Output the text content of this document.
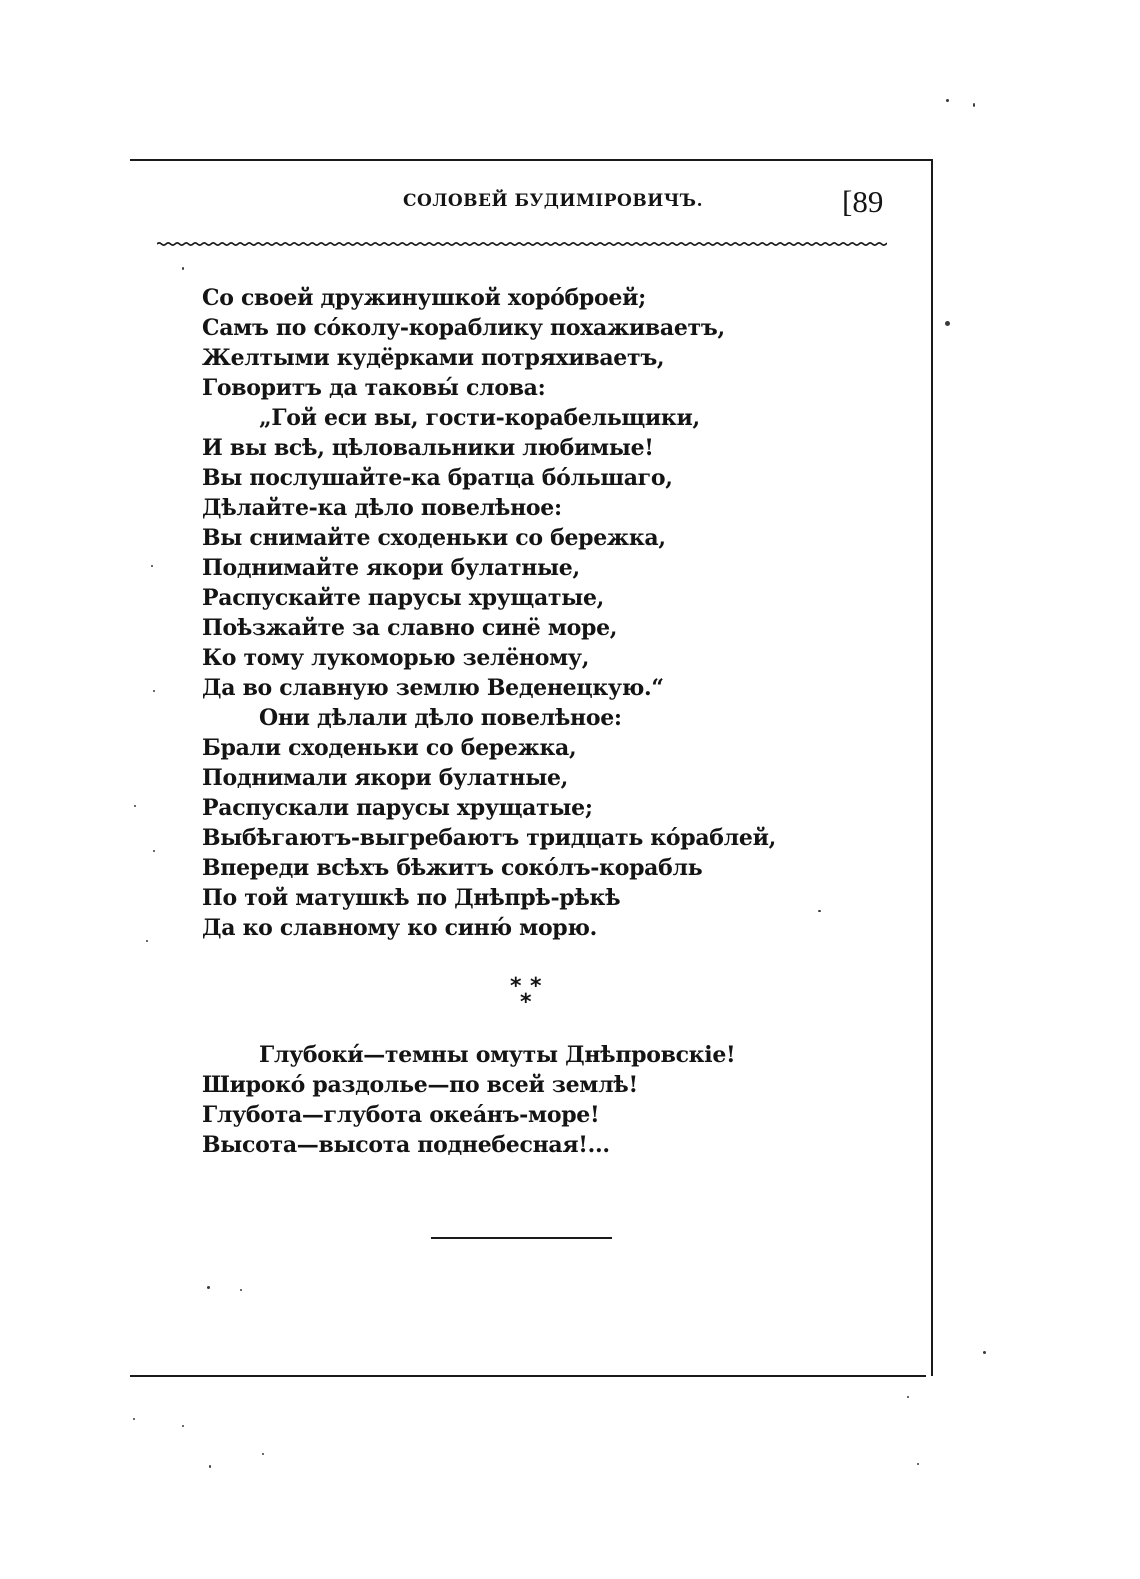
СОЛОВЕЙ БУДИМІРОВИЧЪ.	[89
Со своей дружинушкой хорóброей;
Самъ по сóколу-кораблику похаживаетъ,
Желтыми кудёрками потряхиваетъ,
Говоритъ да таковы́ слова:
„Гой еси вы, гости-корабельщики,
И вы всѣ, цѣловальники любимые!
Вы послушайте-ка братца бóльшаго,
Дѣлайте-ка дѣло повелѣное:
Вы снимайте сходеньки со бережка,
Поднимайте якори булатные,
Распускайте парусы хрущатые,
Поѣзжайте за славно синё море,
Ко тому лукоморью зелёному,
Да во славную землю Веденецкую.“
Они дѣлали дѣло повелѣное:
Брали сходеньки со бережка,
Поднимали якори булатные,
Распускали парусы хрущатые;
Выбѣгаютъ-выгребаютъ тридцать кóраблей,
Впереди всѣхъ бѣжитъ сокóлъ-корабль
По той матушкѣ по Днѣпрѣ-рѣкѣ
Да ко славному ко синю́ морю.
* *
*
Глубоки́—темны омуты Днѣпровскіе!
Широкó раздолье—по всей землѣ!
Глубота—глубота океáнъ-море!
Высота—высота поднебесная!...
